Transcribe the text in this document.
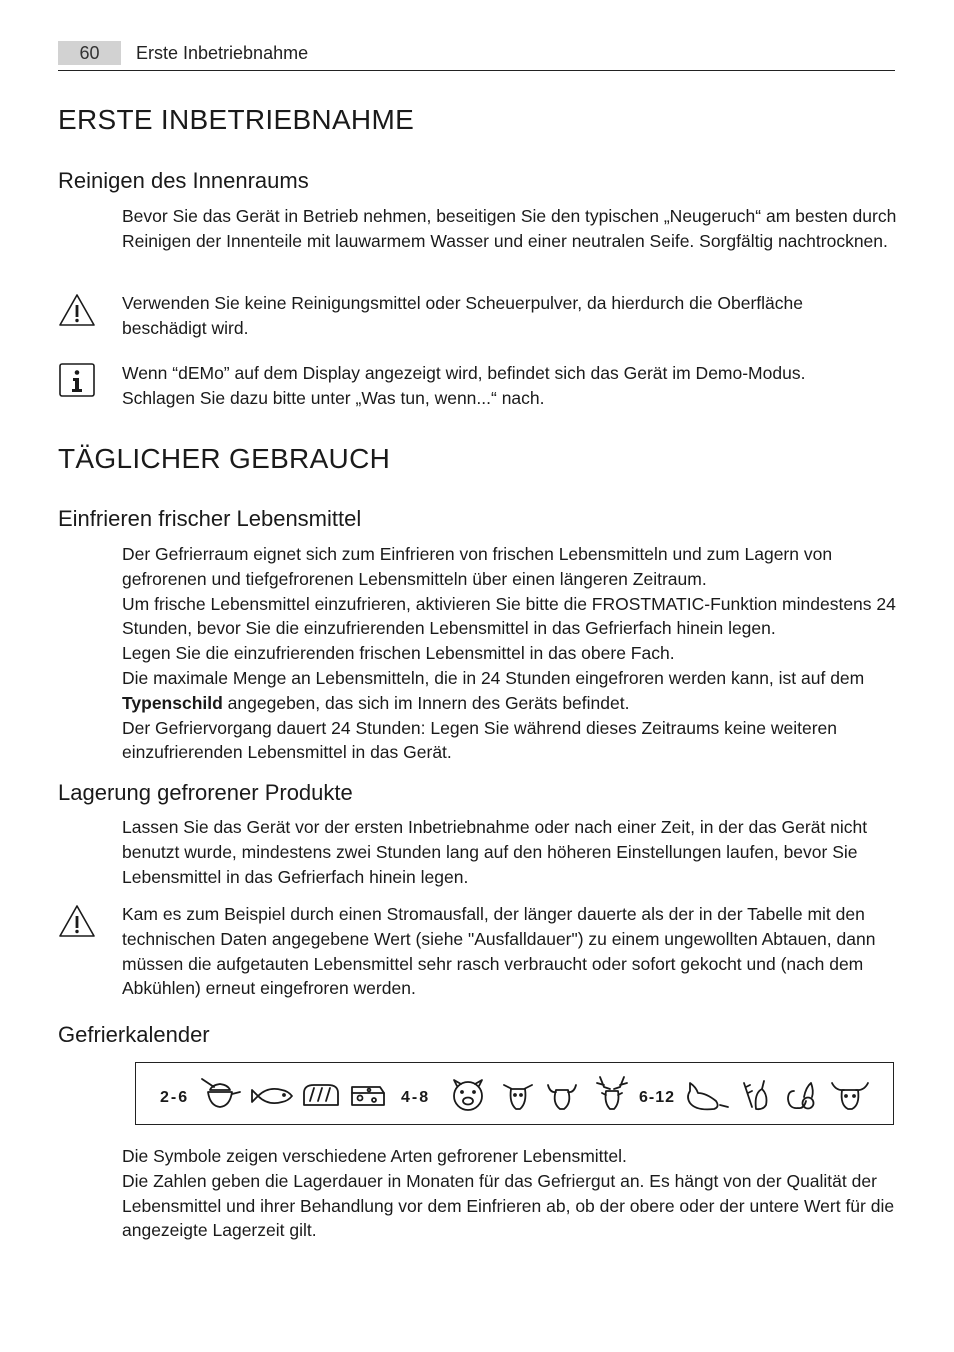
60	Erste Inbetriebnahme
ERSTE INBETRIEBNAHME
Reinigen des Innenraums

Bevor Sie das Gerät in Betrieb nehmen, beseitigen Sie den typischen „Neugeruch“ am besten durch Reinigen der Innenteile mit lauwarmem Wasser und einer neutralen Seife. Sorgfältig nachtrocknen.

Verwenden Sie keine Reinigungsmittel oder Scheuerpulver, da hierdurch die Oberfläche beschädigt wird.

Wenn “dEMo” auf dem Display angezeigt wird, befindet sich das Gerät im Demo-Modus. Schlagen Sie dazu bitte unter „Was tun, wenn...“ nach.

TÄGLICHER GEBRAUCH
Einfrieren frischer Lebensmittel
Der Gefrierraum eignet sich zum Einfrieren von frischen Lebensmitteln und zum Lagern von gefrorenen und tiefgefrorenen Lebensmitteln über einen längeren Zeitraum.
Um frische Lebensmittel einzufrieren, aktivieren Sie bitte die FROSTMATIC-Funktion mindestens 24 Stunden, bevor Sie die einzufrierenden Lebensmittel in das Gefrierfach hinein legen.
Legen Sie die einzufrierenden frischen Lebensmittel in das obere Fach.
Die maximale Menge an Lebensmitteln, die in 24 Stunden eingefroren werden kann, ist auf dem Typenschild angegeben, das sich im Innern des Geräts befindet.
Der Gefriervorgang dauert 24 Stunden: Legen Sie während dieses Zeitraums keine weiteren einzufrierenden Lebensmittel in das Gerät.
Lagerung gefrorener Produkte

Lassen Sie das Gerät vor der ersten Inbetriebnahme oder nach einer Zeit, in der das Gerät nicht benutzt wurde, mindestens zwei Stunden lang auf den höheren Einstellungen laufen, bevor Sie Lebensmittel in das Gefrierfach hinein legen.

Kam es zum Beispiel durch einen Stromausfall, der länger dauerte als der in der Tabelle mit den technischen Daten angegebene Wert (siehe "Ausfalldauer") zu einem ungewollten Abtauen, dann müssen die aufgetauten Lebensmittel sehr rasch verbraucht oder sofort gekocht und (nach dem Abkühlen) erneut eingefroren werden.

Gefrierkalender
2-6	4-8	6-12
Die Symbole zeigen verschiedene Arten gefrorener Lebensmittel.
Die Zahlen geben die Lagerdauer in Monaten für das Gefriergut an. Es hängt von der Qualität der Lebensmittel und ihrer Behandlung vor dem Einfrieren ab, ob der obere oder der untere Wert für die angezeigte Lagerzeit gilt.
